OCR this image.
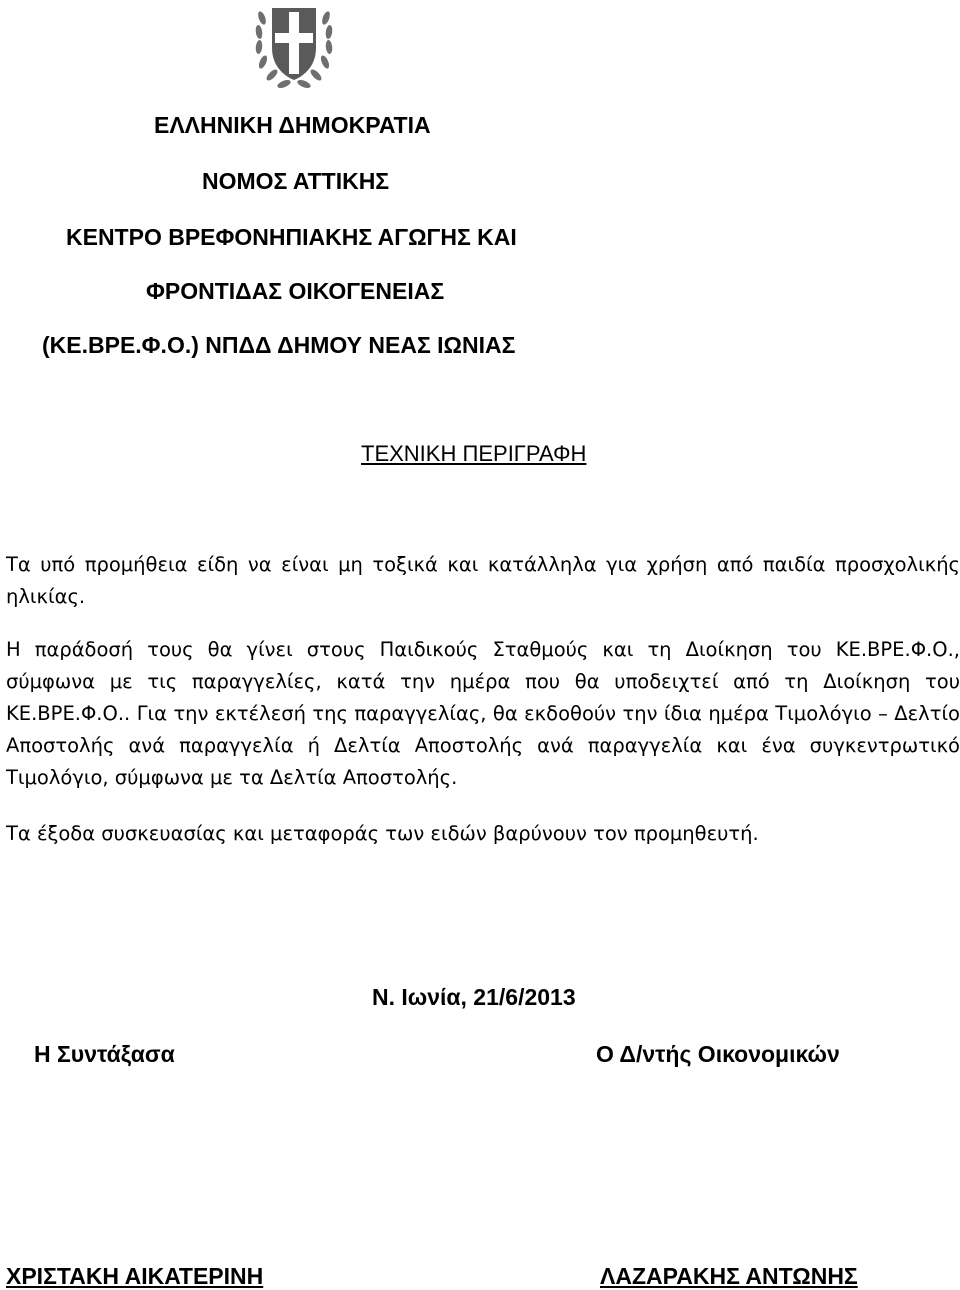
ΕΛΛΗΝΙΚΗ ΔΗΜΟΚΡΑΤΙΑ

ΝΟΜΟΣ ΑΤΤΙΚΗΣ

ΚΕΝΤΡΟ ΒΡΕΦΟΝΗΠΙΑΚΗΣ ΑΓΩΓΗΣ ΚΑΙ

ΦΡΟΝΤΙΔΑΣ ΟΙΚΟΓΕΝΕΙΑΣ

(ΚΕ.ΒΡΕ.Φ.Ο.) ΝΠΔΔ ΔΗΜΟΥ ΝΕΑΣ ΙΩΝΙΑΣ

ΤΕΧΝΙΚΗ ΠΕΡΙΓΡΑΦΗ

Τα υπό προμήθεια είδη να είναι μη τοξικά και κατάλληλα για χρήση από παιδία προσχολικής ηλικίας.

Η παράδοσή τους θα γίνει στους Παιδικούς Σταθμούς και τη Διοίκηση του ΚΕ.ΒΡΕ.Φ.Ο., σύμφωνα με τις παραγγελίες, κατά την ημέρα που θα υποδειχτεί από τη Διοίκηση του ΚΕ.ΒΡΕ.Φ.Ο.. Για την εκτέλεσή της παραγγελίας, θα εκδοθούν την ίδια ημέρα Τιμολόγιο – Δελτίο Αποστολής ανά παραγγελία ή Δελτία Αποστολής ανά παραγγελία και ένα συγκεντρωτικό Τιμολόγιο, σύμφωνα με τα Δελτία Αποστολής.

Τα έξοδα συσκευασίας και μεταφοράς των ειδών βαρύνουν τον προμηθευτή.

Ν. Ιωνία, 21/6/2013

Η Συντάξασα	Ο Δ/ντής Οικονομικών

ΧΡΙΣΤΑΚΗ ΑΙΚΑΤΕΡΙΝΗ	ΛΑΖΑΡΑΚΗΣ ΑΝΤΩΝΗΣ
